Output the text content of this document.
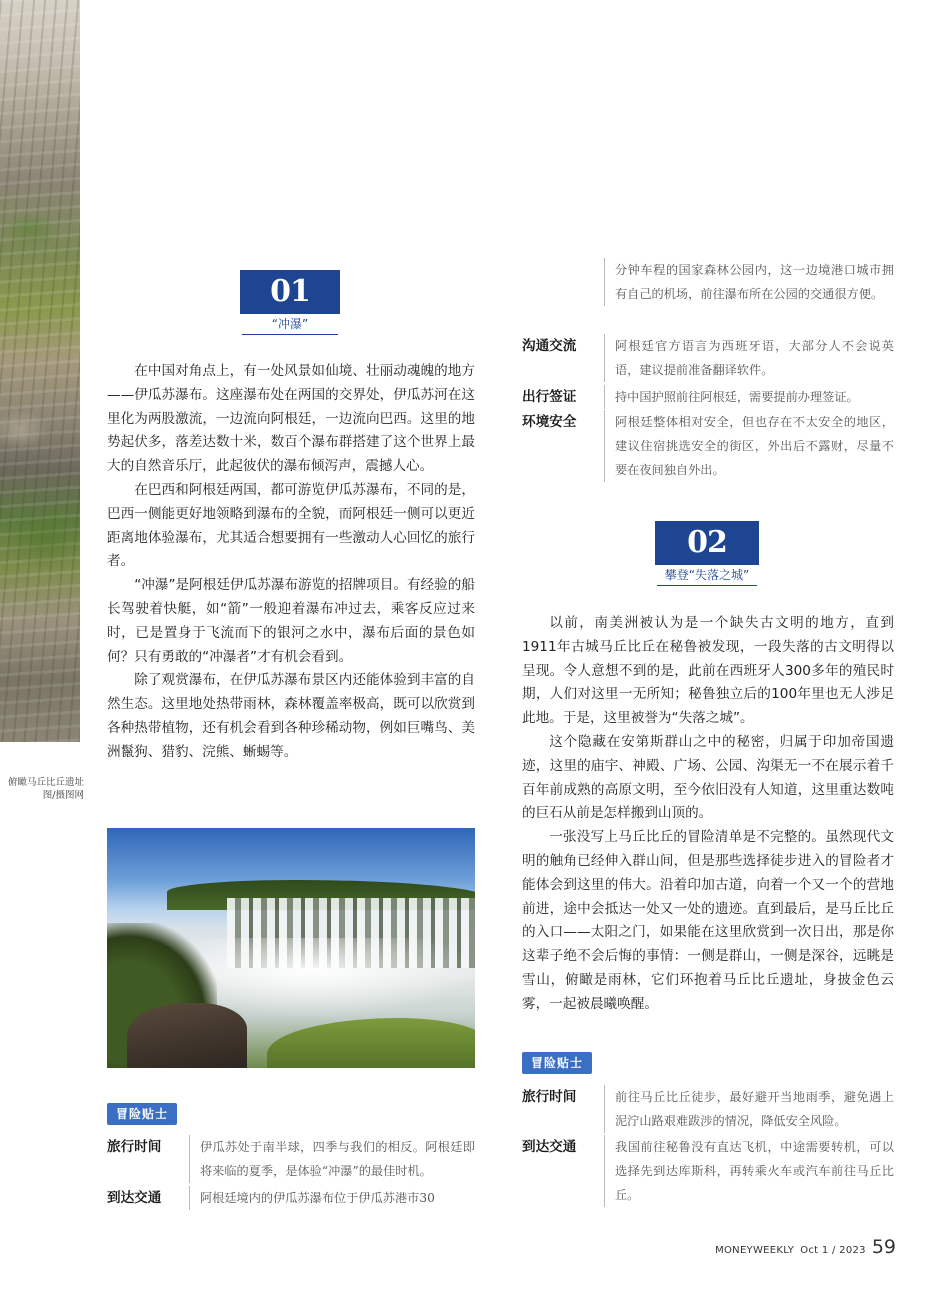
俯瞰马丘比丘遗址
图/摄图网
01
“冲瀑”

在中国对角点上，有一处风景如仙境、壮丽动魂魄的地方——伊瓜苏瀑布。这座瀑布处在两国的交界处，伊瓜苏河在这里化为两股激流，一边流向阿根廷，一边流向巴西。这里的地势起伏多，落差达数十米，数百个瀑布群搭建了这个世界上最大的自然音乐厅，此起彼伏的瀑布倾泻声，震撼人心。

在巴西和阿根廷两国，都可游览伊瓜苏瀑布，不同的是，巴西一侧能更好地领略到瀑布的全貌，而阿根廷一侧可以更近距离地体验瀑布，尤其适合想要拥有一些激动人心回忆的旅行者。

“冲瀑”是阿根廷伊瓜苏瀑布游览的招牌项目。有经验的船长驾驶着快艇，如“箭”一般迎着瀑布冲过去，乘客反应过来时，已是置身于飞流而下的银河之水中，瀑布后面的景色如何？只有勇敢的“冲瀑者”才有机会看到。

除了观赏瀑布，在伊瓜苏瀑布景区内还能体验到丰富的自然生态。这里地处热带雨林，森林覆盖率极高，既可以欣赏到各种热带植物，还有机会看到各种珍稀动物，例如巨嘴鸟、美洲鬣狗、猎豹、浣熊、蜥蜴等。

冒险贴士
旅行时间	伊瓜苏处于南半球，四季与我们的相反。阿根廷即将来临的夏季，是体验“冲瀑”的最佳时机。
到达交通	阿根廷境内的伊瓜苏瀑布位于伊瓜苏港市30
分钟车程的国家森林公园内，这一边境港口城市拥有自己的机场，前往瀑布所在公园的交通很方便。
沟通交流	阿根廷官方语言为西班牙语，大部分人不会说英语，建议提前准备翻译软件。
出行签证	持中国护照前往阿根廷，需要提前办理签证。
环境安全	阿根廷整体相对安全，但也存在不太安全的地区，建议住宿挑选安全的街区，外出后不露财，尽量不要在夜间独自外出。
02
攀登“失落之城”

以前，南美洲被认为是一个缺失古文明的地方，直到1911年古城马丘比丘在秘鲁被发现，一段失落的古文明得以呈现。令人意想不到的是，此前在西班牙人300多年的殖民时期，人们对这里一无所知；秘鲁独立后的100年里也无人涉足此地。于是，这里被誉为“失落之城”。

这个隐藏在安第斯群山之中的秘密，归属于印加帝国遗迹，这里的庙宇、神殿、广场、公园、沟渠无一不在展示着千百年前成熟的高原文明，至今依旧没有人知道，这里重达数吨的巨石从前是怎样搬到山顶的。

一张没写上马丘比丘的冒险清单是不完整的。虽然现代文明的触角已经伸入群山间，但是那些选择徒步进入的冒险者才能体会到这里的伟大。沿着印加古道，向着一个又一个的营地前进，途中会抵达一处又一处的遗迹。直到最后，是马丘比丘的入口——太阳之门，如果能在这里欣赏到一次日出，那是你这辈子绝不会后悔的事情：一侧是群山，一侧是深谷，远眺是雪山，俯瞰是雨林，它们环抱着马丘比丘遗址，身披金色云雾，一起被晨曦唤醒。

冒险贴士
旅行时间	前往马丘比丘徒步，最好避开当地雨季，避免遇上泥泞山路艰难跋涉的情况，降低安全风险。
到达交通	我国前往秘鲁没有直达飞机，中途需要转机，可以选择先到达库斯科，再转乘火车或汽车前往马丘比丘。
MONEYWEEKLY Oct 1 / 2023 59
